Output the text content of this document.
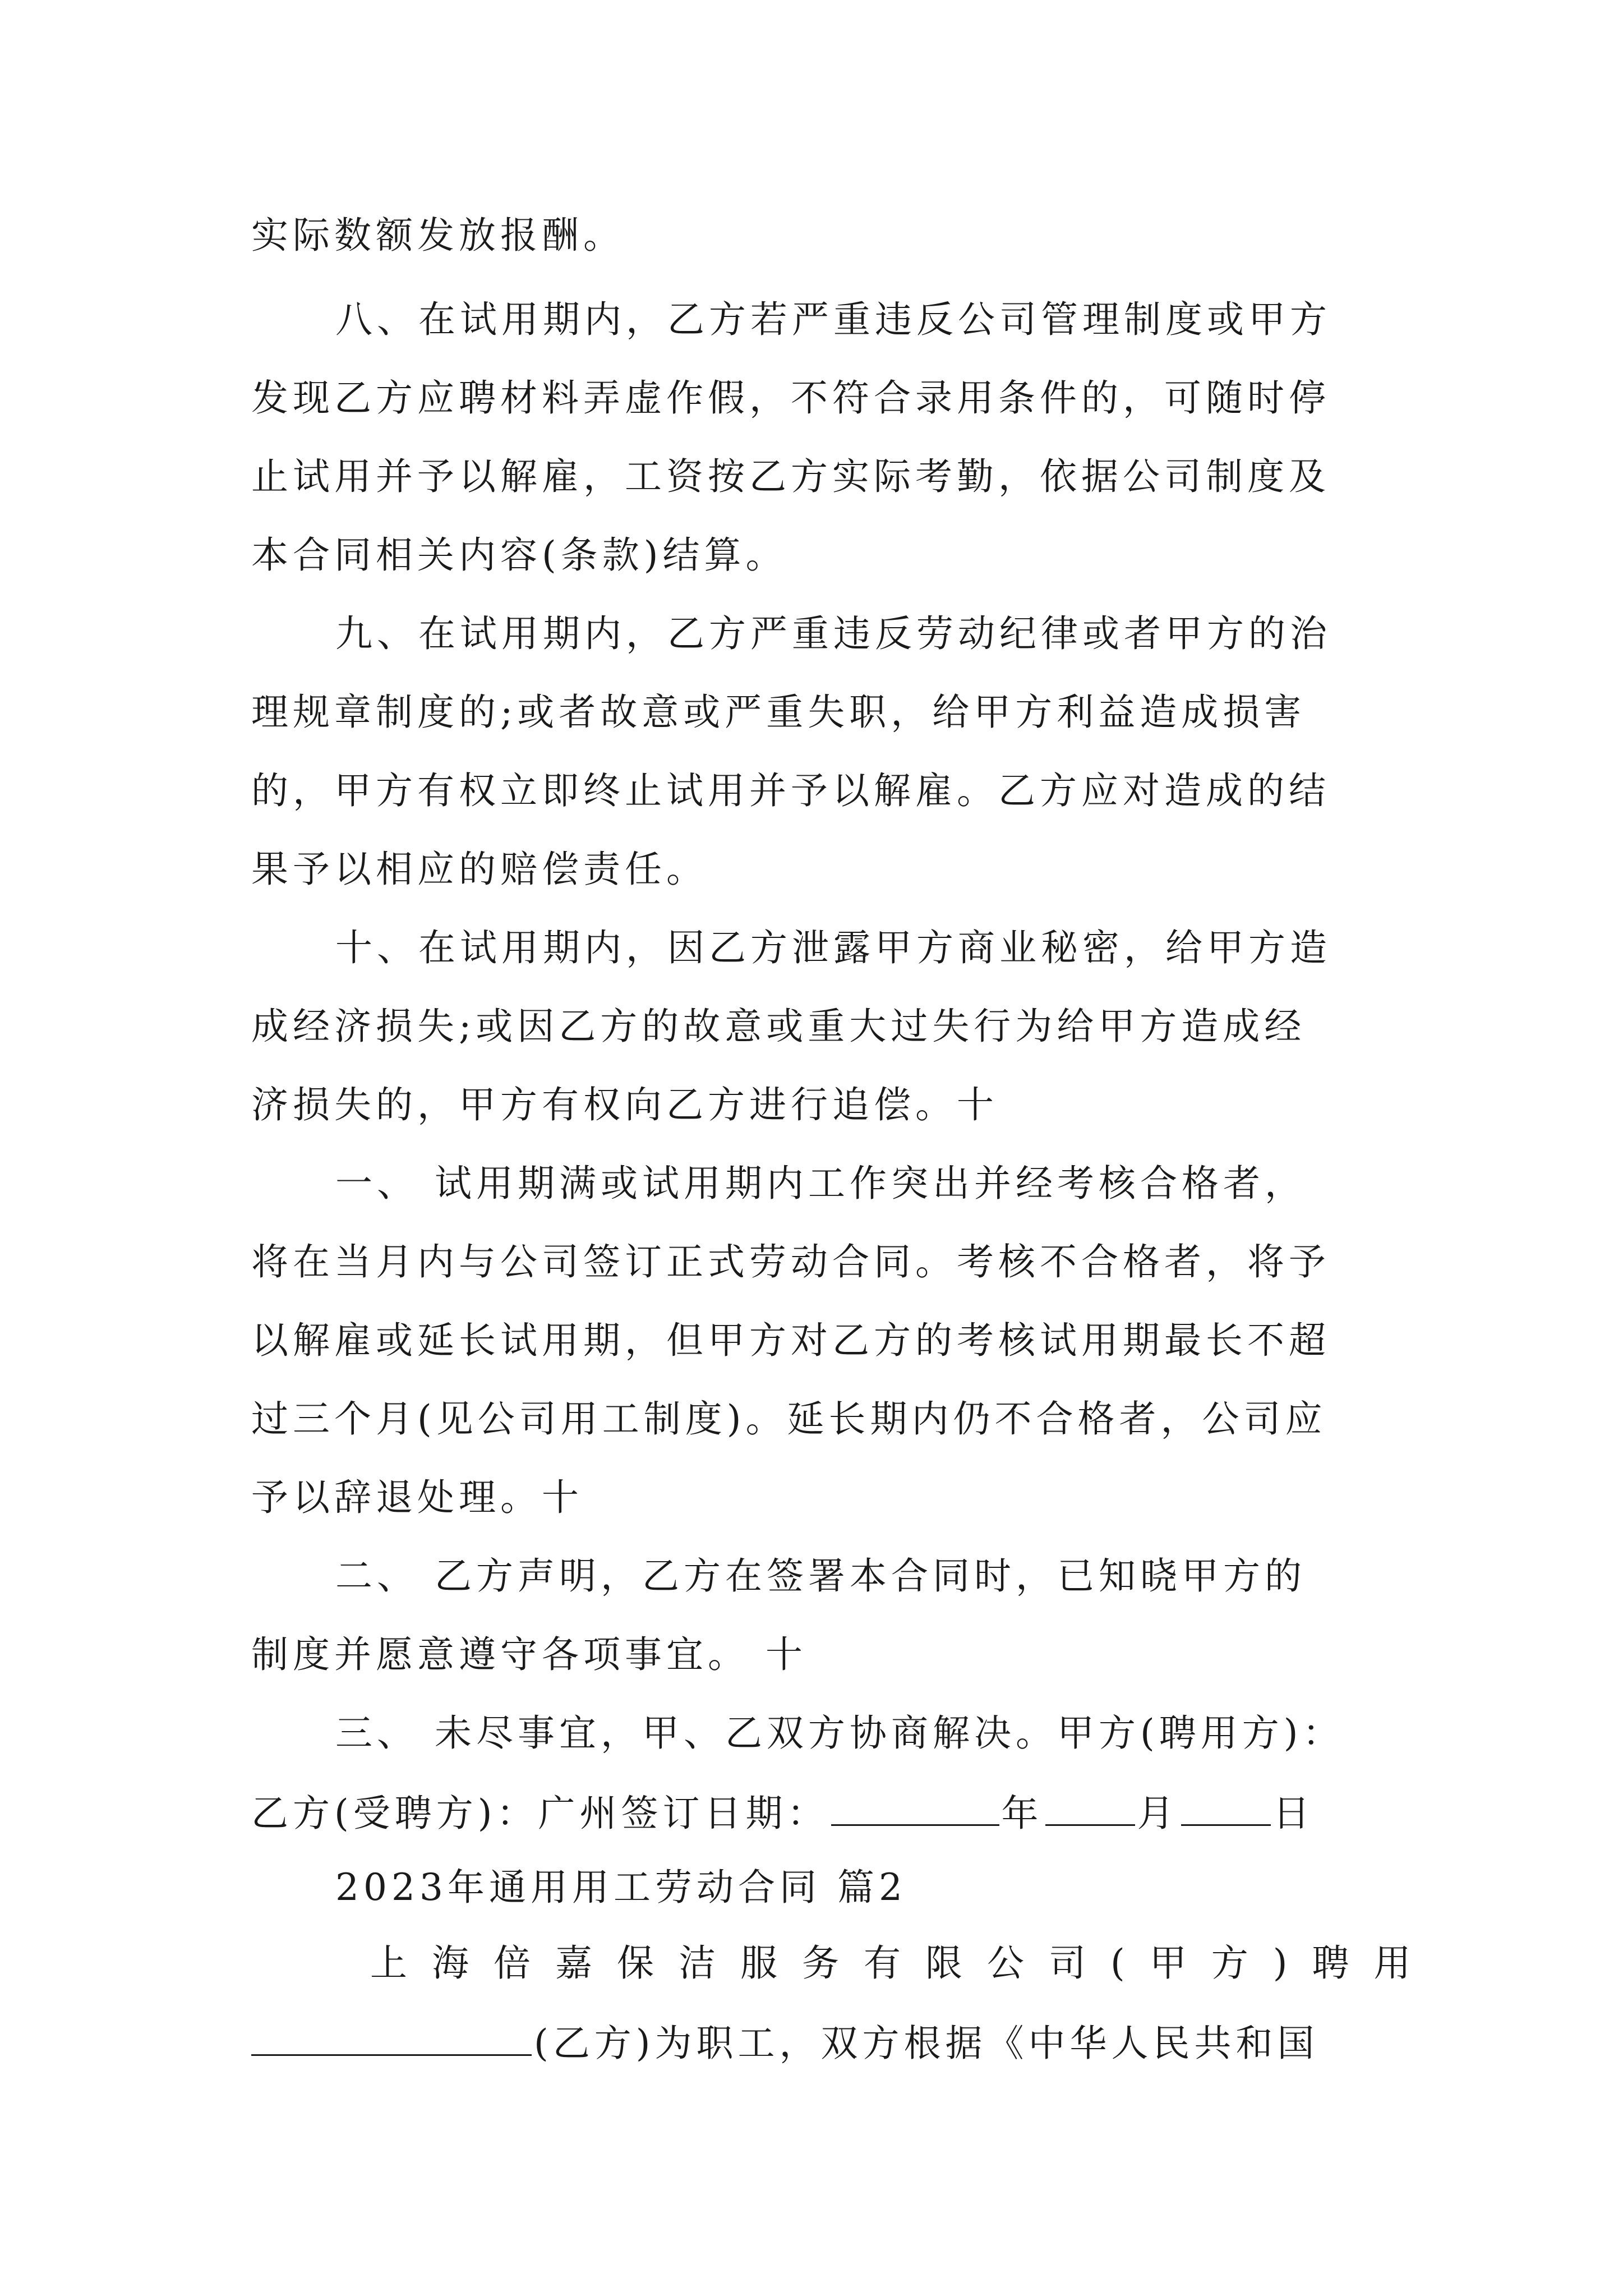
实际数额发放报酬。
八、在试用期内，乙方若严重违反公司管理制度或甲方
发现乙方应聘材料弄虚作假，不符合录用条件的，可随时停
止试用并予以解雇，工资按乙方实际考勤，依据公司制度及
本合同相关内容(条款)结算。
九、在试用期内，乙方严重违反劳动纪律或者甲方的治
理规章制度的;或者故意或严重失职，给甲方利益造成损害
的，甲方有权立即终止试用并予以解雇。乙方应对造成的结
果予以相应的赔偿责任。
十、在试用期内，因乙方泄露甲方商业秘密，给甲方造
成经济损失;或因乙方的故意或重大过失行为给甲方造成经
济损失的，甲方有权向乙方进行追偿。十
一、 试用期满或试用期内工作突出并经考核合格者，
将在当月内与公司签订正式劳动合同。考核不合格者，将予
以解雇或延长试用期，但甲方对乙方的考核试用期最长不超
过三个月(见公司用工制度)。延长期内仍不合格者，公司应
予以辞退处理。十
二、 乙方声明，乙方在签署本合同时，已知晓甲方的
制度并愿意遵守各项事宜。 十
三、 未尽事宜，甲、乙双方协商解决。甲方(聘用方)：
乙方(受聘方)：广州签订日期：	年	月	日
2023年通用用工劳动合同 篇2
上海倍嘉保洁服务有限公司(甲方)聘用
(乙方)为职工，双方根据《中华人民共和国
